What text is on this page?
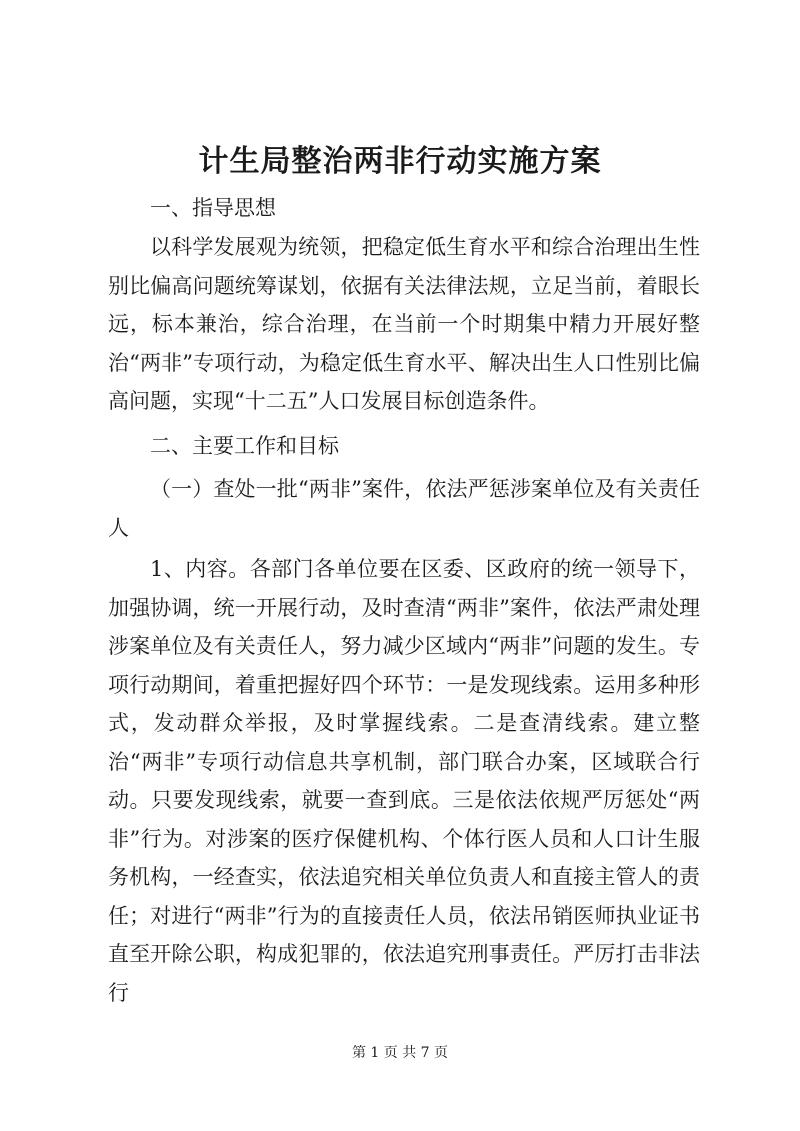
计生局整治两非行动实施方案
一、指导思想
以科学发展观为统领，把稳定低生育水平和综合治理出生性别比偏高问题统筹谋划，依据有关法律法规，立足当前，着眼长远，标本兼治，综合治理，在当前一个时期集中精力开展好整治“两非”专项行动，为稳定低生育水平、解决出生人口性别比偏高问题，实现“十二五”人口发展目标创造条件。
二、主要工作和目标
（一）查处一批“两非”案件，依法严惩涉案单位及有关责任人
1、内容。各部门各单位要在区委、区政府的统一领导下，加强协调，统一开展行动，及时查清“两非”案件，依法严肃处理涉案单位及有关责任人，努力减少区域内“两非”问题的发生。专项行动期间，着重把握好四个环节：一是发现线索。运用多种形式，发动群众举报，及时掌握线索。二是查清线索。建立整治“两非”专项行动信息共享机制，部门联合办案，区域联合行动。只要发现线索，就要一查到底。三是依法依规严厉惩处“两非”行为。对涉案的医疗保健机构、个体行医人员和人口计生服务机构，一经查实，依法追究相关单位负责人和直接主管人的责任；对进行“两非”行为的直接责任人员，依法吊销医师执业证书直至开除公职，构成犯罪的，依法追究刑事责任。严厉打击非法行
第 1 页 共 7 页
